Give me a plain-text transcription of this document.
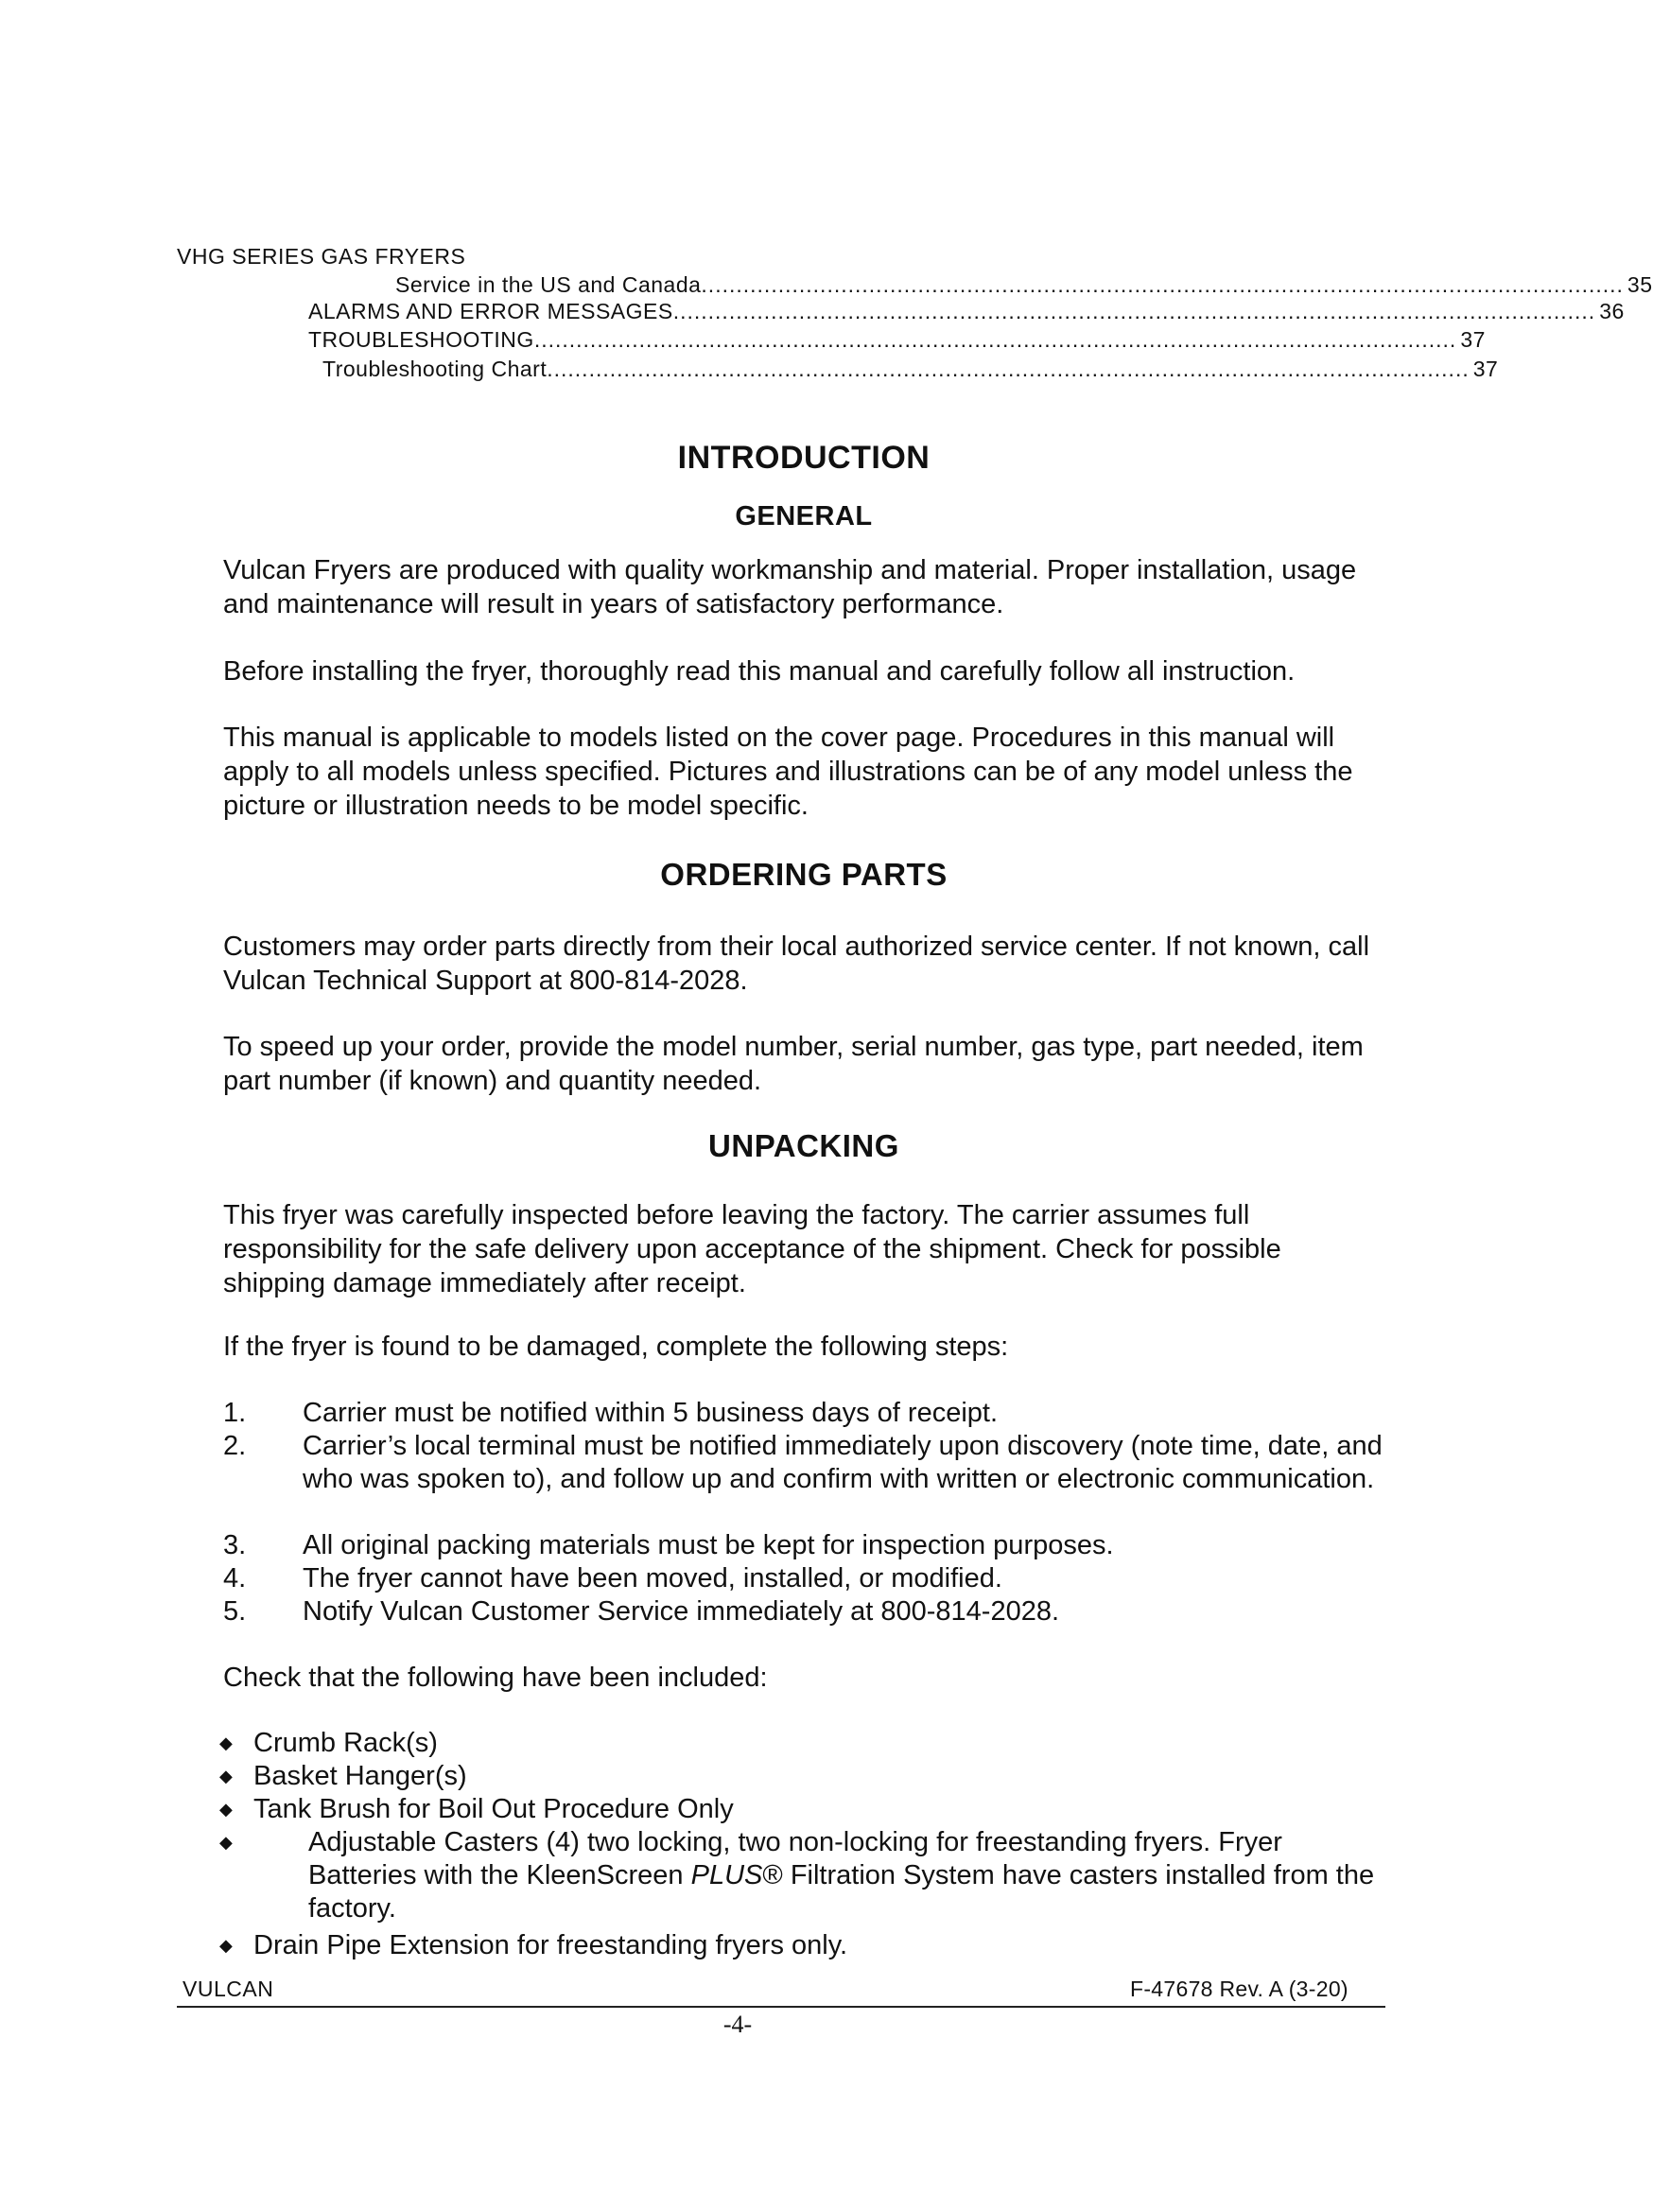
VHG SERIES GAS FRYERS
Service in the US and Canada .................................................................................................................................... 35
ALARMS AND ERROR MESSAGES .................................................................................................................................... 36
TROUBLESHOOTING .................................................................................................................................... 37
Troubleshooting Chart .................................................................................................................................... 37
INTRODUCTION
GENERAL

Vulcan Fryers are produced with quality workmanship and material. Proper installation, usage and maintenance will result in years of satisfactory performance.

Before installing the fryer, thoroughly read this manual and carefully follow all instruction.

This manual is applicable to models listed on the cover page. Procedures in this manual will apply to all models unless specified. Pictures and illustrations can be of any model unless the picture or illustration needs to be model specific.

ORDERING PARTS

Customers may order parts directly from their local authorized service center. If not known, call Vulcan Technical Support at 800-814-2028.

To speed up your order, provide the model number, serial number, gas type, part needed, item part number (if known) and quantity needed.

UNPACKING

This fryer was carefully inspected before leaving the factory. The carrier assumes full responsibility for the safe delivery upon acceptance of the shipment. Check for possible shipping damage immediately after receipt.

If the fryer is found to be damaged, complete the following steps:

1.	Carrier must be notified within 5 business days of receipt.
2.	Carrier’s local terminal must be notified immediately upon discovery (note time, date, and who was spoken to), and follow up and confirm with written or electronic communication.
3.	All original packing materials must be kept for inspection purposes.
4.	The fryer cannot have been moved, installed, or modified.
5.	Notify Vulcan Customer Service immediately at 800-814-2028.

Check that the following have been included:

◆ Crumb Rack(s)
◆ Basket Hanger(s)
◆ Tank Brush for Boil Out Procedure Only
◆	Adjustable Casters (4) two locking, two non-locking for freestanding fryers. Fryer Batteries with the KleenScreen PLUS® Filtration System have casters installed from the factory.
◆ Drain Pipe Extension for freestanding fryers only.
VULCAN	F-47678 Rev. A (3-20)
-4-
